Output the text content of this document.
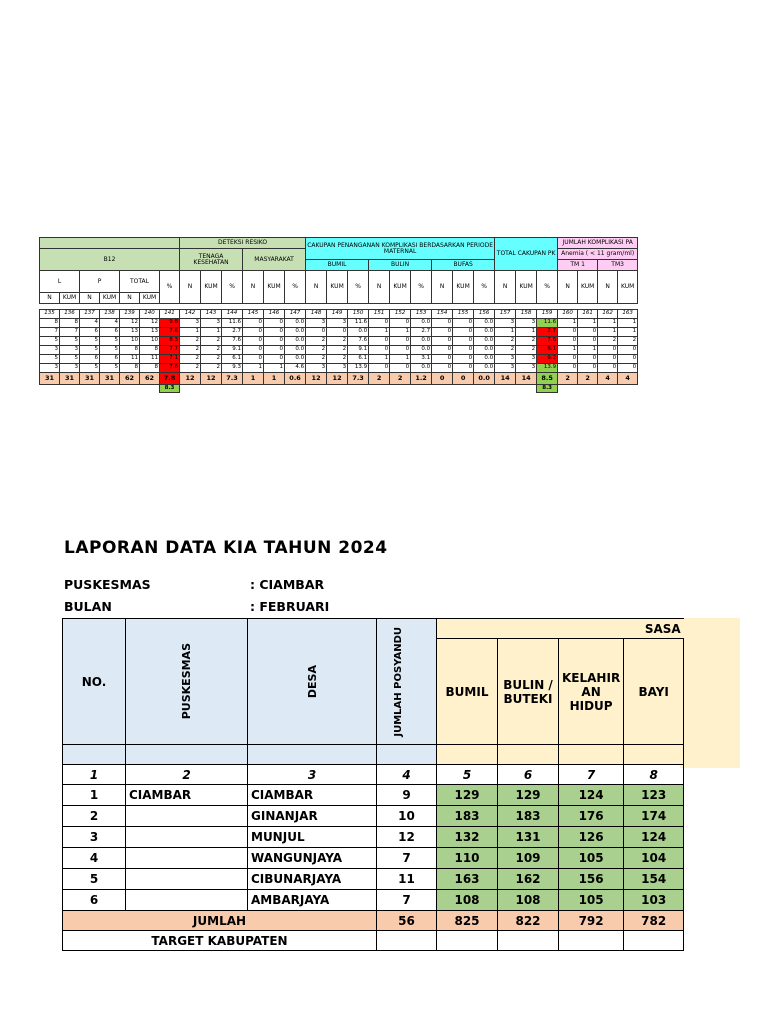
							DETEKSI RESIKO						CAKUPAN PENANGANAN KOMPLIKASI BERDASARKAN PERIODE MATERNAL									TOTAL CAKUPAN PK			JUMLAH KOMPLIKASI PA			
B12							TENAGA KESEHATAN			MASYARAKAT															Anemia ( < 11 gram/ml)			
													BUMIL			BULIN			BUFAS						TM 1		TM3	
L		P		TOTAL		%	N	KUM	%	N	KUM	%	N	KUM	%	N	KUM	%	N	KUM	%	N	KUM	%	N	KUM	N	KUM
N	KUM	N	KUM	N	KUM																							

135	136	137	138	139	140	141	142	143	144	145	146	147	148	149	150	151	152	153	154	155	156	157	158	159	160	161	162	163
8	8	4	4	12	12	9.8	3	3	11.6	0	0	0.0	3	3	11.6	0	0	0.0	0	0	0.0	3	3	11.6	1	1	1	1
7	7	6	6	13	13	7.6	1	1	2.7	0	0	0.0	0	0	0.0	1	1	2.7	0	0	0.0	1	1	2.7	0	0	1	1
5	5	5	5	10	10	8.3	2	2	7.6	0	0	0.0	2	2	7.6	0	0	0.0	0	0	0.0	2	2	7.6	0	0	2	2
3	3	5	5	8	8	7.7	2	2	9.1	0	0	0.0	2	2	9.1	0	0	0.0	0	0	0.0	2	2	9.1	1	1	0	0
5	5	6	6	11	11	7.1	2	2	6.1	0	0	0.0	2	2	6.1	1	1	3.1	0	0	0.0	3	3	9.2	0	0	0	0
3	3	5	5	8	8	7.6	2	2	9.3	1	1	4.6	3	3	13.9	0	0	0.0	0	0	0.0	3	3	13.9	0	0	0	0
31	31	31	31	62	62	7.8	12	12	7.3	1	1	0.6	12	12	7.3	2	2	1.2	0	0	0.0	14	14	8.5	2	2	4	4
						8.3																		8.3				
LAPORAN DATA KIA TAHUN 2024
PUSKESMAS	: CIAMBAR
BULAN	: FEBRUARI
NO.	PUSKESMAS	DESA	JUMLAH POSYANDU	SASA			
				BUMIL	BULIN / BUTEKI	KELAHIR AN HIDUP	BAYI

1	2	3	4	5	6	7	8
1	CIAMBAR	CIAMBAR	9	129	129	124	123
2		GINANJAR	10	183	183	176	174
3		MUNJUL	12	132	131	126	124
4		WANGUNJAYA	7	110	109	105	104
5		CIBUNARJAYA	11	163	162	156	154
6		AMBARJAYA	7	108	108	105	103
JUMLAH			56	825	822	792	782
TARGET KABUPATEN							
